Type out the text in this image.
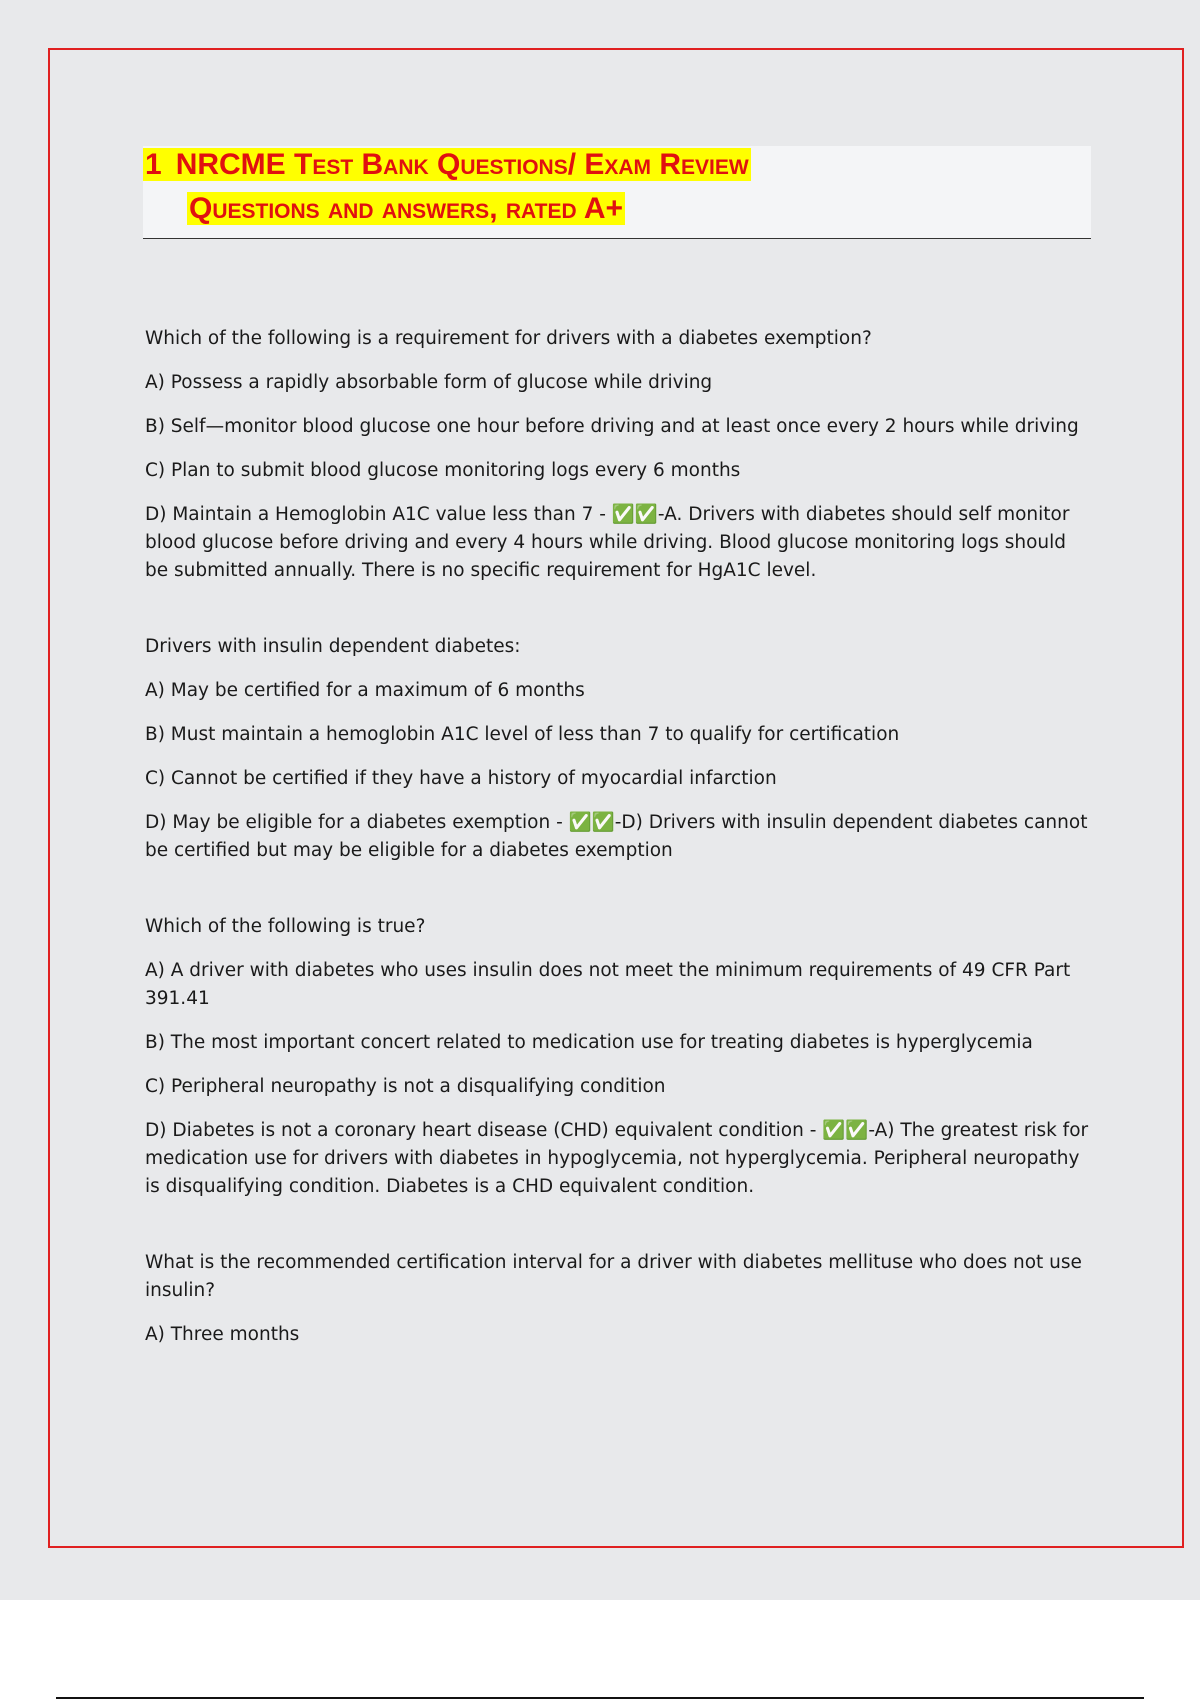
1 NRCME Test Bank Questions/ Exam Review
Questions and answers, rated A+

Which of the following is a requirement for drivers with a diabetes exemption?

A) Possess a rapidly absorbable form of glucose while driving

B) Self—monitor blood glucose one hour before driving and at least once every 2 hours while driving

C) Plan to submit blood glucose monitoring logs every 6 months

D) Maintain a Hemoglobin A1C value less than 7 - ✅✅-A. Drivers with diabetes should self monitor blood glucose before driving and every 4 hours while driving. Blood glucose monitoring logs should be submitted annually. There is no specific requirement for HgA1C level.

Drivers with insulin dependent diabetes:

A) May be certified for a maximum of 6 months

B) Must maintain a hemoglobin A1C level of less than 7 to qualify for certification

C) Cannot be certified if they have a history of myocardial infarction

D) May be eligible for a diabetes exemption - ✅✅-D) Drivers with insulin dependent diabetes cannot be certified but may be eligible for a diabetes exemption

Which of the following is true?

A) A driver with diabetes who uses insulin does not meet the minimum requirements of 49 CFR Part 391.41

B) The most important concert related to medication use for treating diabetes is hyperglycemia

C) Peripheral neuropathy is not a disqualifying condition

D) Diabetes is not a coronary heart disease (CHD) equivalent condition - ✅✅-A) The greatest risk for medication use for drivers with diabetes in hypoglycemia, not hyperglycemia. Peripheral neuropathy is disqualifying condition. Diabetes is a CHD equivalent condition.

What is the recommended certification interval for a driver with diabetes mellituse who does not use insulin?

A) Three months
